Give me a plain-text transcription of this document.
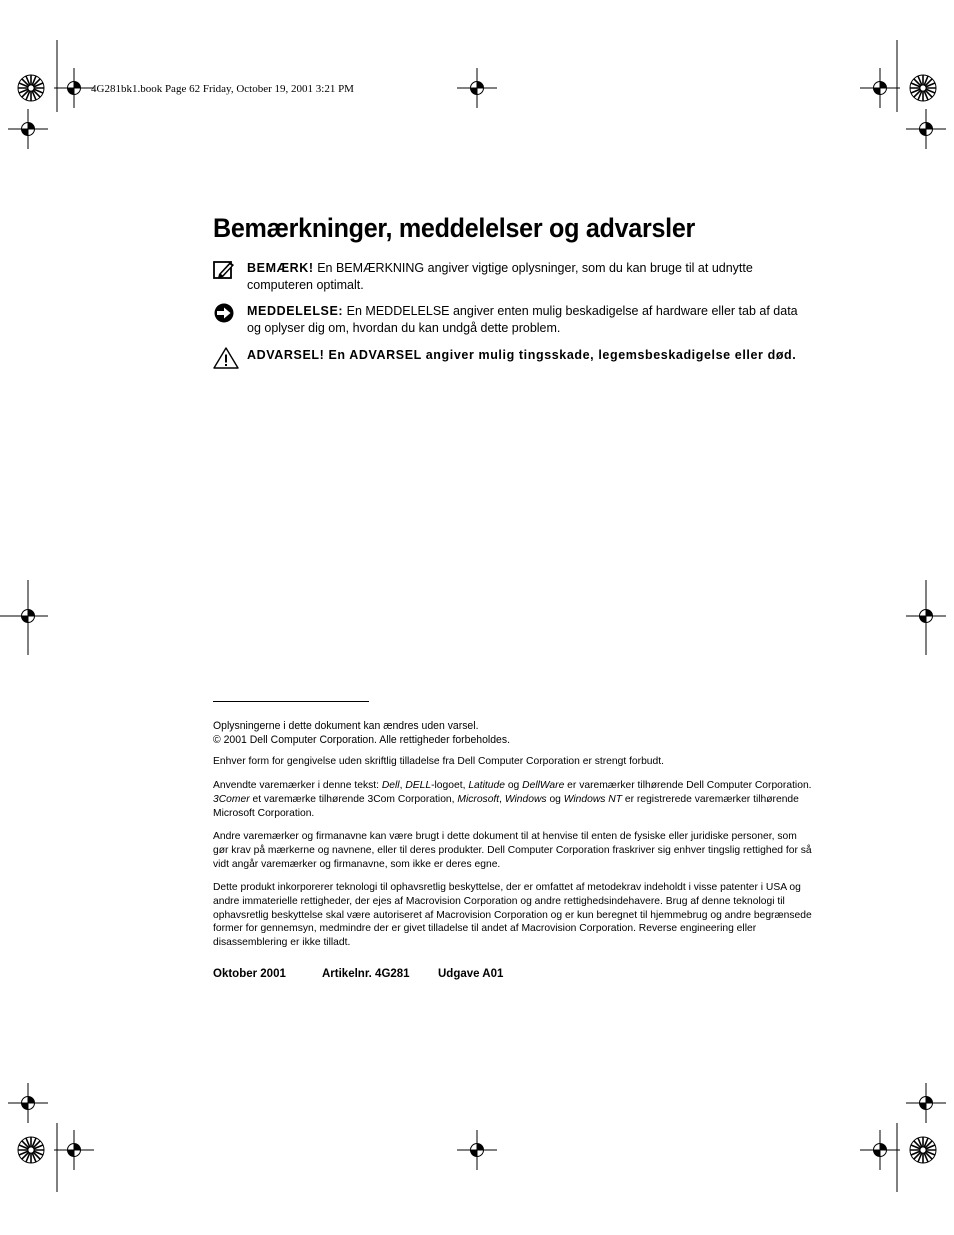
4G281bk1.book Page 62 Friday, October 19, 2001 3:21 PM
Bemærkninger, meddelelser og advarsler
BEMÆRK! En BEMÆRKNING angiver vigtige oplysninger, som du kan bruge til at udnytte computeren optimalt.
MEDDELELSE: En MEDDELELSE angiver enten mulig beskadigelse af hardware eller tab af data og oplyser dig om, hvordan du kan undgå dette problem.
ADVARSEL! En ADVARSEL angiver mulig tingsskade, legemsbeskadigelse eller død.

Oplysningerne i dette dokument kan ændres uden varsel.
© 2001 Dell Computer Corporation. Alle rettigheder forbeholdes.

Enhver form for gengivelse uden skriftlig tilladelse fra Dell Computer Corporation er strengt forbudt.

Anvendte varemærker i denne tekst: Dell, DELL-logoet, Latitude og DellWare er varemærker tilhørende Dell Computer Corporation. 3Comer et varemærke tilhørende 3Com Corporation, Microsoft, Windows og Windows NT er registrerede varemærker tilhørende Microsoft Corporation.

Andre varemærker og firmanavne kan være brugt i dette dokument til at henvise til enten de fysiske eller juridiske personer, som gør krav på mærkerne og navnene, eller til deres produkter. Dell Computer Corporation fraskriver sig enhver tingslig rettighed for så vidt angår varemærker og firmanavne, som ikke er deres egne.

Dette produkt inkorporerer teknologi til ophavsretlig beskyttelse, der er omfattet af metodekrav indeholdt i visse patenter i USA og andre immaterielle rettigheder, der ejes af Macrovision Corporation og andre rettighedsindehavere. Brug af denne teknologi til ophavsretlig beskyttelse skal være autoriseret af Macrovision Corporation og er kun beregnet til hjemmebrug og andre begrænsede former for gennemsyn, medmindre der er givet tilladelse til andet af Macrovision Corporation. Reverse engineering eller disassemblering er ikke tilladt.

Oktober 2001	Artikelnr. 4G281 Udgave A01
